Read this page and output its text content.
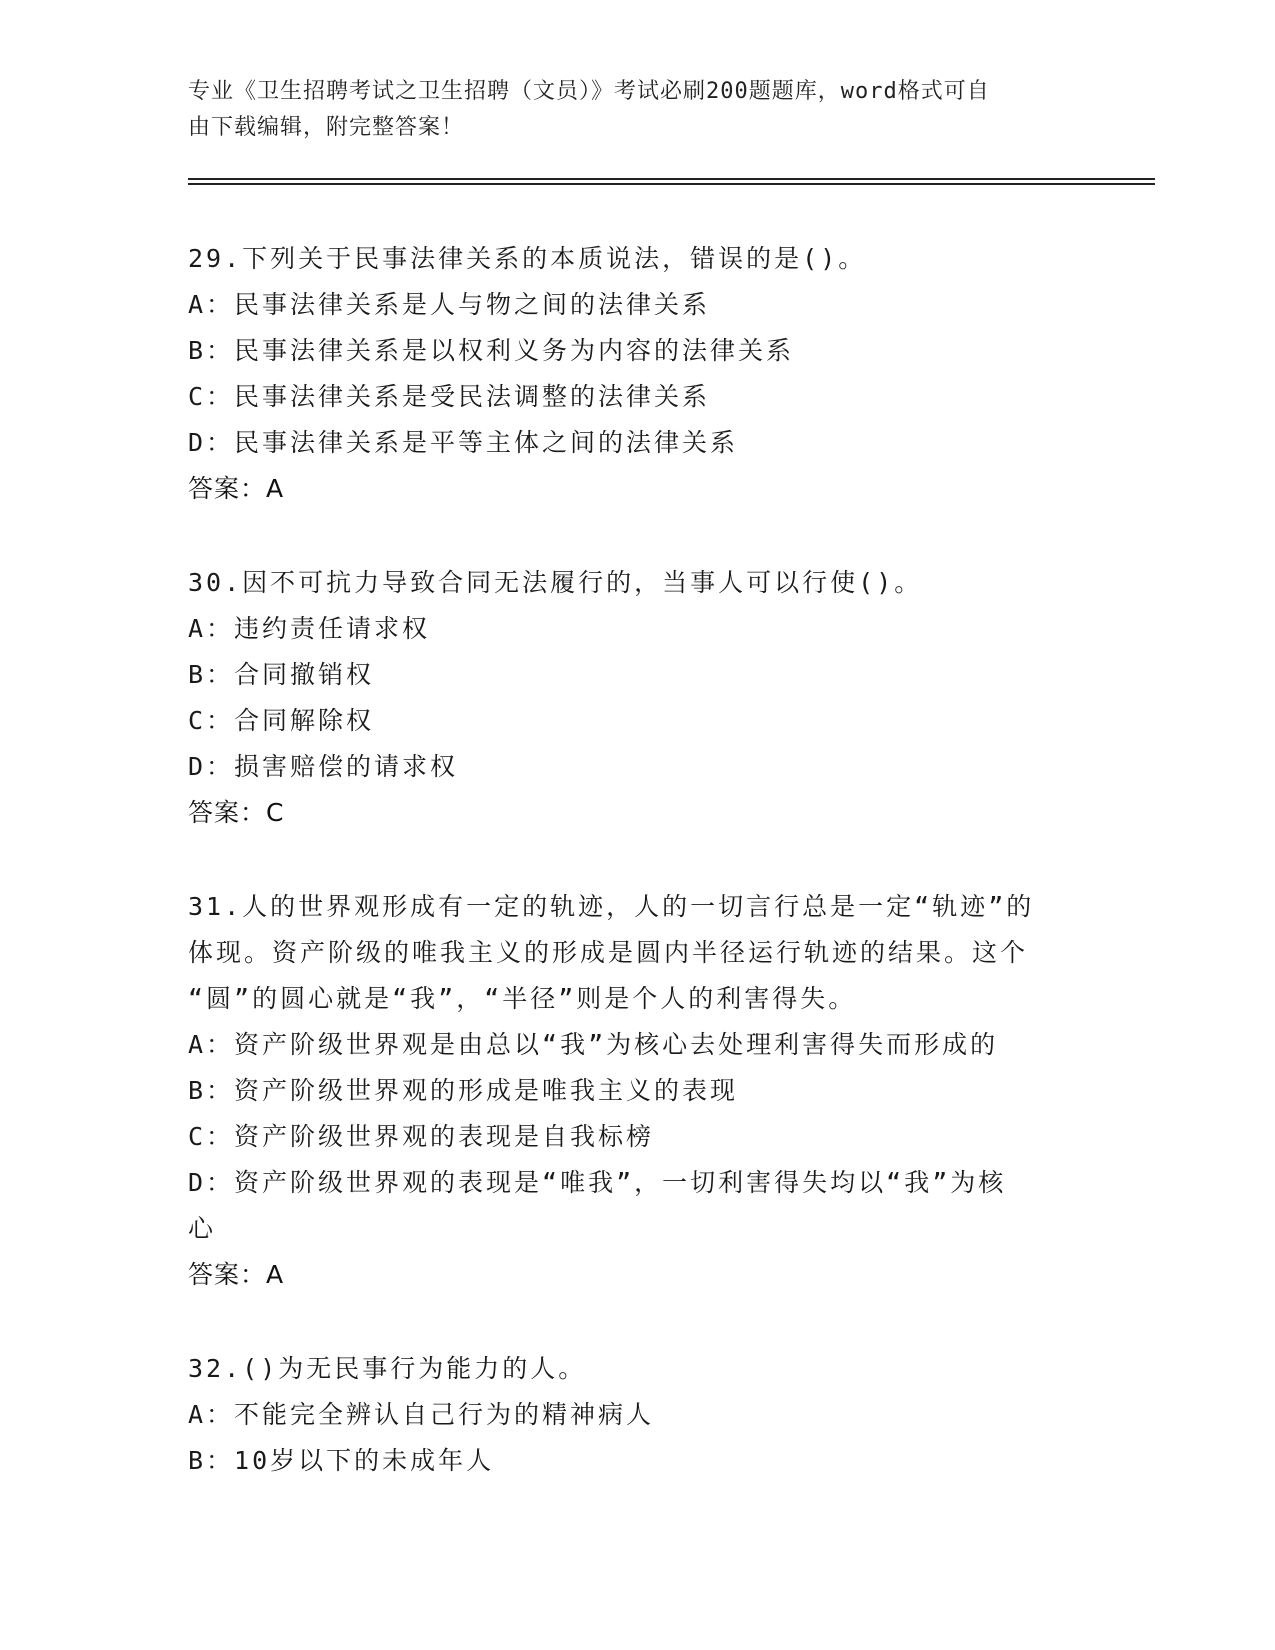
专业《卫生招聘考试之卫生招聘（文员）》考试必刷200题题库，word格式可自
由下载编辑，附完整答案！
29.下列关于民事法律关系的本质说法，错误的是()。
A：民事法律关系是人与物之间的法律关系
B：民事法律关系是以权利义务为内容的法律关系
C：民事法律关系是受民法调整的法律关系
D：民事法律关系是平等主体之间的法律关系
答案：A
30.因不可抗力导致合同无法履行的，当事人可以行使()。
A：违约责任请求权
B：合同撤销权
C：合同解除权
D：损害赔偿的请求权
答案：C
31.人的世界观形成有一定的轨迹，人的一切言行总是一定“轨迹”的
体现。资产阶级的唯我主义的形成是圆内半径运行轨迹的结果。这个
“圆”的圆心就是“我”，“半径”则是个人的利害得失。
A：资产阶级世界观是由总以“我”为核心去处理利害得失而形成的
B：资产阶级世界观的形成是唯我主义的表现
C：资产阶级世界观的表现是自我标榜
D：资产阶级世界观的表现是“唯我”，一切利害得失均以“我”为核
心
答案：A
32.()为无民事行为能力的人。
A：不能完全辨认自己行为的精神病人
B：10岁以下的未成年人
